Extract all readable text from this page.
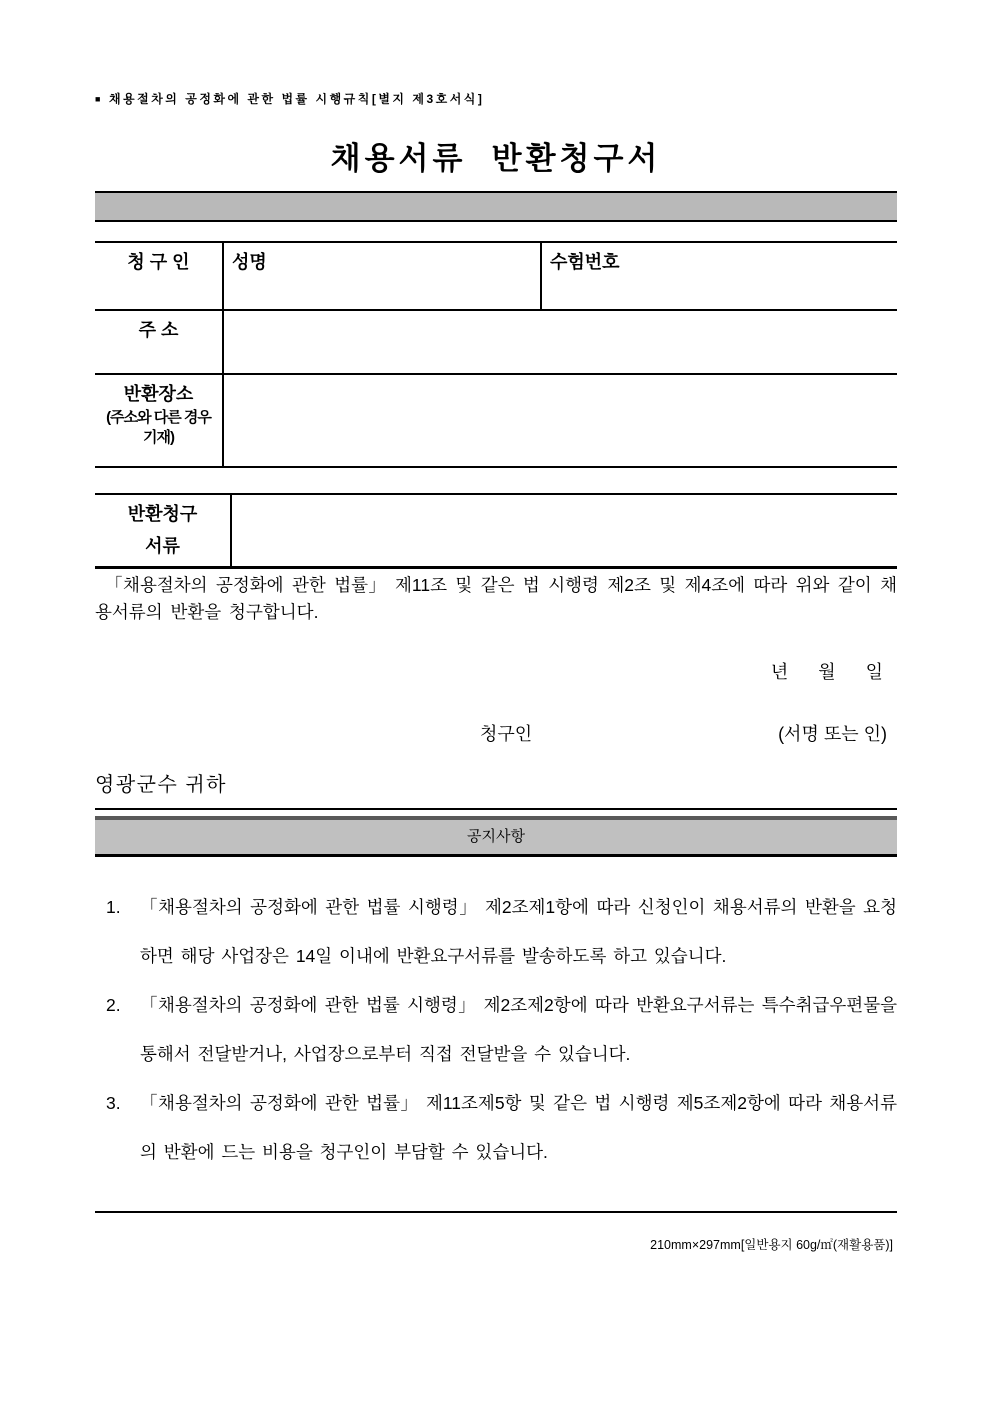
■ 채용절차의 공정화에 관한 법률 시행규칙[별지 제3호서식]
채용서류  반환청구서
청 구 인	성명	수험번호
주 소		

반환장소
(주소와 다른 경우 기재)		

반환청구
서류

「채용절차의 공정화에 관한 법률」 제11조 및 같은 법 시행령 제2조 및 제4조에 따라 위와 같이 채용서류의 반환을 청구합니다.
년      월      일
청구인	(서명 또는 인)
영광군수 귀하
공지사항
1.	「채용절차의 공정화에 관한 법률 시행령」 제2조제1항에 따라 신청인이 채용서류의 반환을 요청하면 해당 사업장은 14일 이내에 반환요구서류를 발송하도록 하고 있습니다.
2.	「채용절차의 공정화에 관한 법률 시행령」 제2조제2항에 따라 반환요구서류는 특수취급우편물을 통해서 전달받거나, 사업장으로부터 직접 전달받을 수 있습니다.
3.	「채용절차의 공정화에 관한 법률」 제11조제5항 및 같은 법 시행령 제5조제2항에 따라 채용서류의 반환에 드는 비용을 청구인이 부담할 수 있습니다.
210mm×297mm[일반용지 60g/㎡(재활용품)]
